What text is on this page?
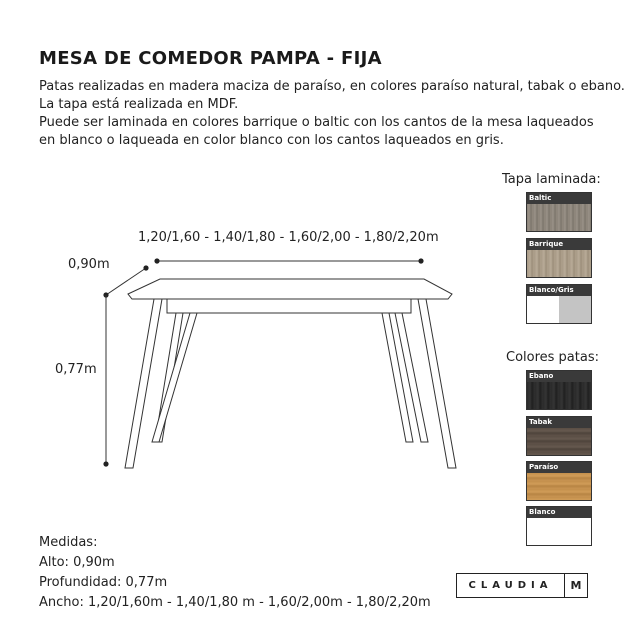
MESA DE COMEDOR PAMPA - FIJA
Patas realizadas en madera maciza de paraíso, en colores paraíso natural, tabak o ebano.
La tapa está realizada en MDF.
Puede ser laminada en colores barrique o baltic con los cantos de la mesa laqueados
en blanco o laqueada en color blanco con los cantos laqueados en gris.
1,20/1,60 - 1,40/1,80 - 1,60/2,00 - 1,80/2,20m
0,90m
0,77m
Tapa laminada:
Baltic
Barrique
Blanco/Gris
Colores patas:
Ebano
Tabak
Paraíso
Blanco
Medidas:
Alto: 0,90m
Profundidad: 0,77m
Ancho: 1,20/1,60m - 1,40/1,80 m - 1,60/2,00m - 1,80/2,20m
CLAUDIA	M
